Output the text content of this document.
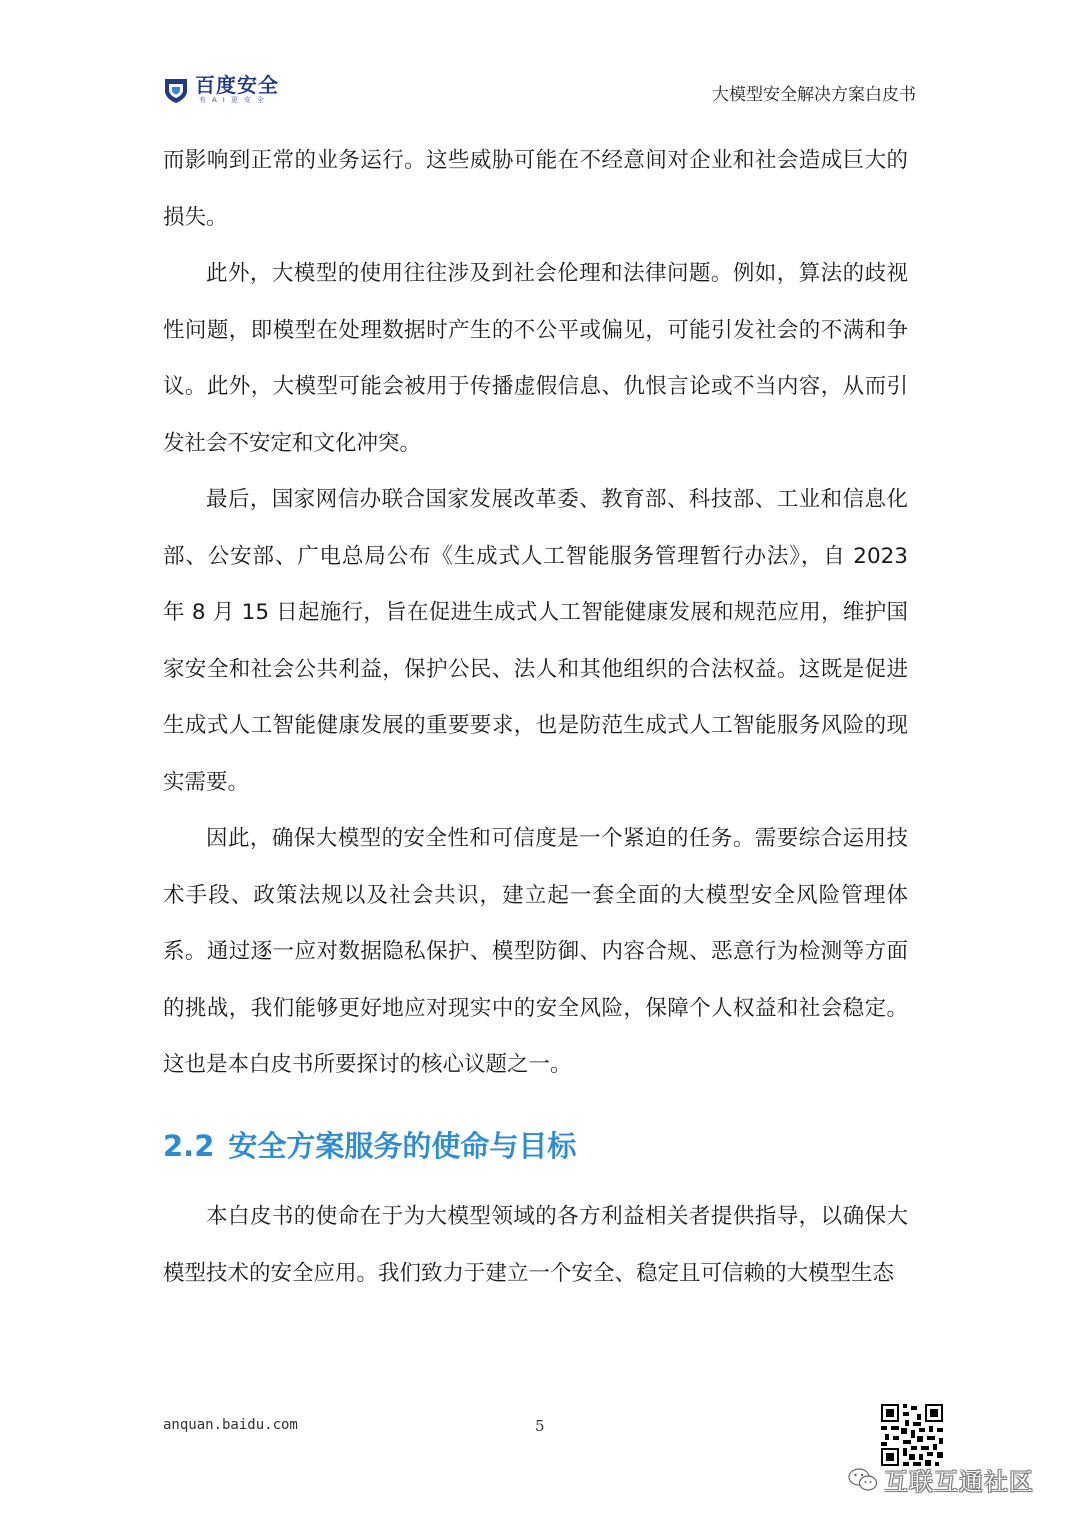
百度安全
有AI更安全	大模型安全解决方案白皮书

而影响到正常的业务运行。这些威胁可能在不经意间对企业和社会造成巨大的损失。

此外，大模型的使用往往涉及到社会伦理和法律问题。例如，算法的歧视性问题，即模型在处理数据时产生的不公平或偏见，可能引发社会的不满和争议。此外，大模型可能会被用于传播虚假信息、仇恨言论或不当内容，从而引发社会不安定和文化冲突。

最后，国家网信办联合国家发展改革委、教育部、科技部、工业和信息化部、公安部、广电总局公布《生成式人工智能服务管理暂行办法》，自 2023 年 8 月 15 日起施行，旨在促进生成式人工智能健康发展和规范应用，维护国家安全和社会公共利益，保护公民、法人和其他组织的合法权益。这既是促进生成式人工智能健康发展的重要要求，也是防范生成式人工智能服务风险的现实需要。

因此，确保大模型的安全性和可信度是一个紧迫的任务。需要综合运用技术手段、政策法规以及社会共识，建立起一套全面的大模型安全风险管理体系。通过逐一应对数据隐私保护、模型防御、内容合规、恶意行为检测等方面的挑战，我们能够更好地应对现实中的安全风险，保障个人权益和社会稳定。这也是本白皮书所要探讨的核心议题之一。

2.2 安全方案服务的使命与目标

本白皮书的使命在于为大模型领域的各方利益相关者提供指导，以确保大模型技术的安全应用。我们致力于建立一个安全、稳定且可信赖的大模型生态

anquan.baidu.com	5
互联互通社区
